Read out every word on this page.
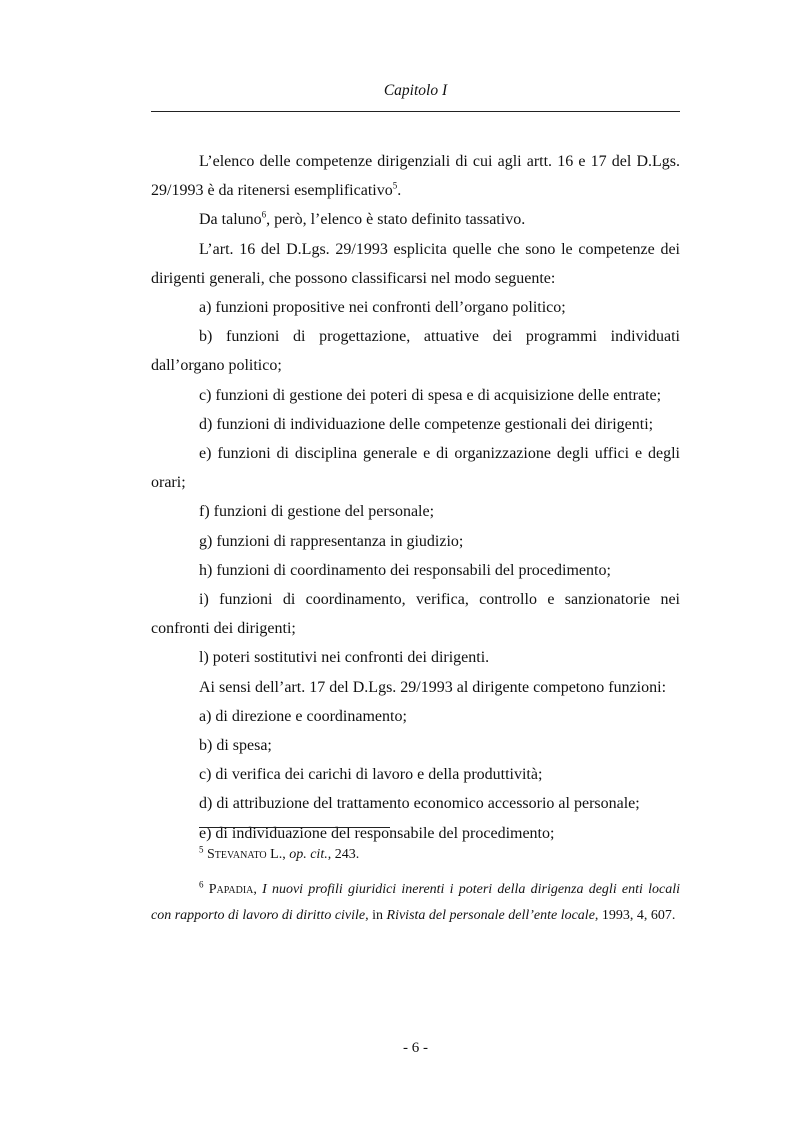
Capitolo I

L’elenco delle competenze dirigenziali di cui agli artt. 16 e 17 del D.Lgs. 29/1993 è da ritenersi esemplificativo$^5$.

Da taluno$^6$, però, l’elenco è stato definito tassativo.

L’art. 16 del D.Lgs. 29/1993 esplicita quelle che sono le competenze dei dirigenti generali, che possono classificarsi nel modo seguente:

a) funzioni propositive nei confronti dell’organo politico;

b) funzioni di progettazione, attuative dei programmi individuati dall’organo politico;

c) funzioni di gestione dei poteri di spesa e di acquisizione delle entrate;

d) funzioni di individuazione delle competenze gestionali dei dirigenti;

e) funzioni di disciplina generale e di organizzazione degli uffici e degli orari;

f) funzioni di gestione del personale;

g) funzioni di rappresentanza in giudizio;

h) funzioni di coordinamento dei responsabili del procedimento;

i) funzioni di coordinamento, verifica, controllo e sanzionatorie nei confronti dei dirigenti;

l) poteri sostitutivi nei confronti dei dirigenti.

Ai sensi dell’art. 17 del D.Lgs. 29/1993 al dirigente competono funzioni:

a) di direzione e coordinamento;

b) di spesa;

c) di verifica dei carichi di lavoro e della produttività;

d) di attribuzione del trattamento economico accessorio al personale;

e) di individuazione del responsabile del procedimento;

$^5$ Stevanato L., op. cit., 243.

$^6$ Papadia, I nuovi profili giuridici inerenti i poteri della dirigenza degli enti locali con rapporto di lavoro di diritto civile, in Rivista del personale dell’ente locale, 1993, 4, 607.

- 6 -
